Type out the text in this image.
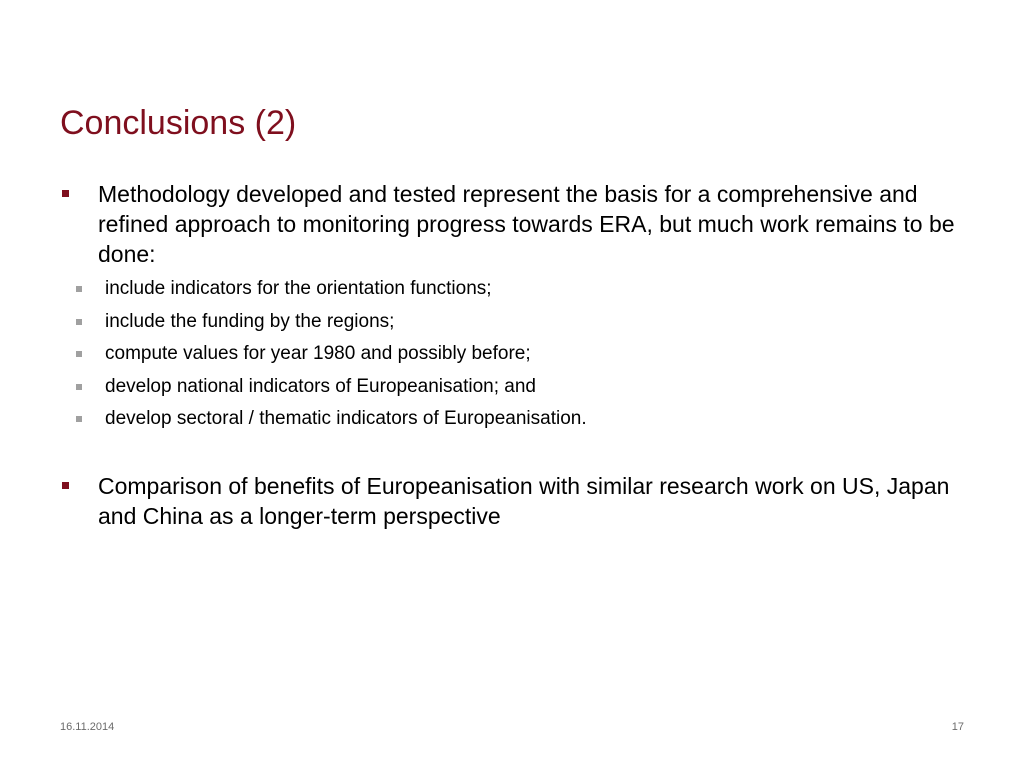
Conclusions (2)
Methodology developed and tested represent the basis for a comprehensive and refined approach to monitoring progress towards ERA, but much work remains to be done:
include indicators for the orientation functions;
include the funding by the regions;
compute values for year 1980 and possibly before;
develop national indicators of Europeanisation; and
develop sectoral / thematic indicators of Europeanisation.
Comparison of benefits of Europeanisation with similar research work on US, Japan and China as a longer-term perspective
16.11.2014	17
